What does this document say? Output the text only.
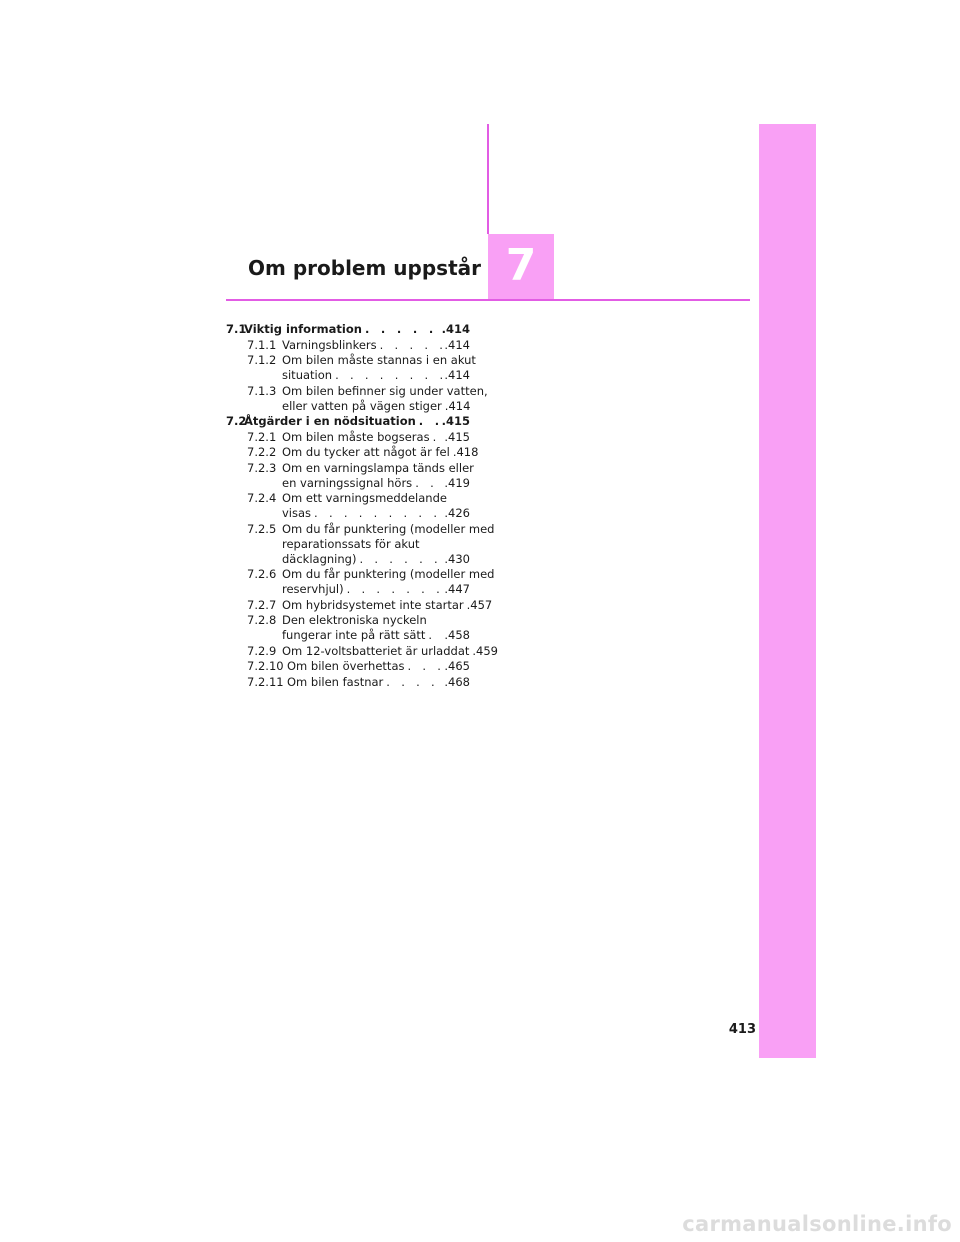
7
Om problem uppstår
7.1
Viktig information . . .	.414
7.1.1 Varningsblinkers . . .	.414
7.1.2 Om bilen måste stannas i en akut
situation . . .	.414
7.1.3 Om bilen befinner sig under vatten,
eller vatten på vägen stiger . . . .414
7.2
Åtgärder i en nödsituation . . . .415
7.2.1 Om bilen måste bogseras . . . .415
7.2.2 Om du tycker att något är fel . . . .418
7.2.3 Om en varningslampa tänds eller
en varningssignal hörs . . .	.419
7.2.4 Om ett varningsmeddelande
visas . . .	.426
7.2.5 Om du får punktering (modeller med
reparationssats för akut
däcklagning) . . .	.430
7.2.6 Om du får punktering (modeller med
reservhjul) . . .	.447
7.2.7 Om hybridsystemet inte startar . . . .457
7.2.8 Den elektroniska nyckeln
fungerar inte på rätt sätt . . . .458
7.2.9 Om 12-voltsbatteriet är urladdat . . . .459
7.2.10 Om bilen överhettas . . .	.465
7.2.11 Om bilen fastnar . . .	.468
413
carmanualsonline.info
